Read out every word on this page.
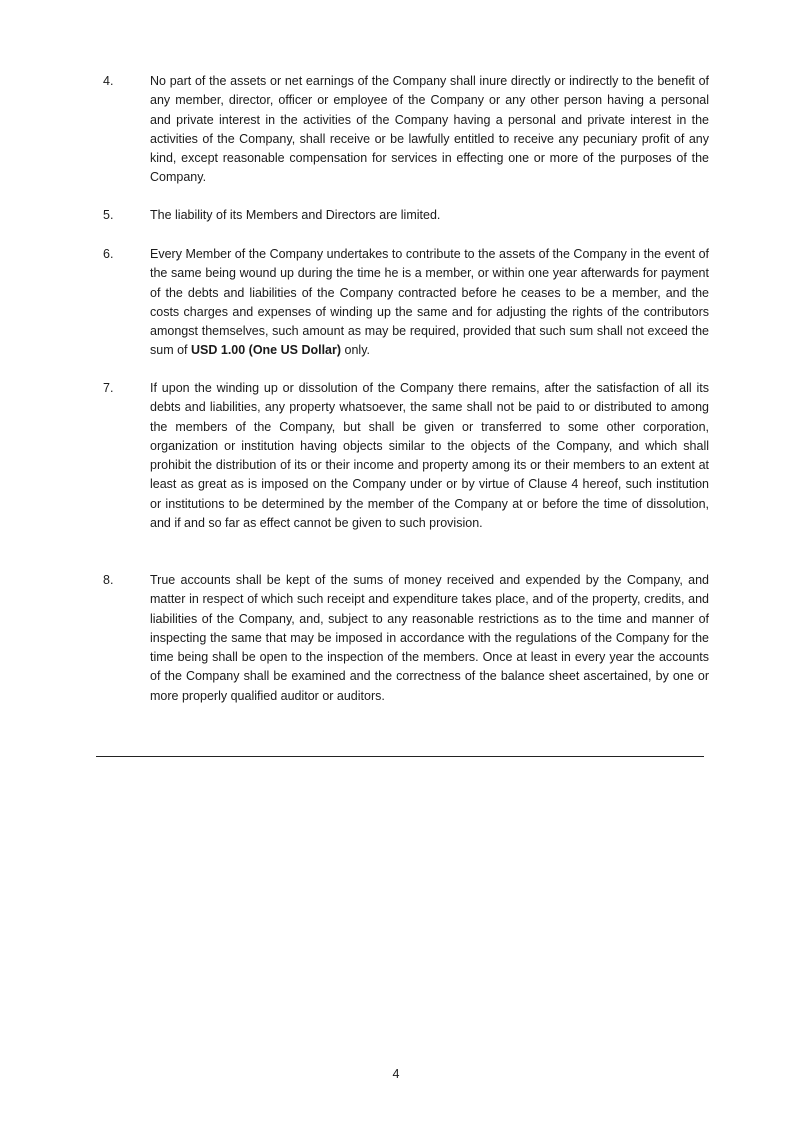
4.	No part of the assets or net earnings of the Company shall inure directly or indirectly to the benefit of any member, director, officer or employee of the Company or any other person having a personal and private interest in the activities of the Company having a personal and private interest in the activities of the Company, shall receive or be lawfully entitled to receive any pecuniary profit of any kind, except reasonable compensation for services in effecting one or more of the purposes of the Company.
5.	The liability of its Members and Directors are limited.
6.	Every Member of the Company undertakes to contribute to the assets of the Company in the event of the same being wound up during the time he is a member, or within one year afterwards for payment of the debts and liabilities of the Company contracted before he ceases to be a member, and the costs charges and expenses of winding up the same and for adjusting the rights of the contributors amongst themselves, such amount as may be required, provided that such sum shall not exceed the sum of USD 1.00 (One US Dollar) only.
7.	If upon the winding up or dissolution of the Company there remains, after the satisfaction of all its debts and liabilities, any property whatsoever, the same shall not be paid to or distributed to among the members of the Company, but shall be given or transferred to some other corporation, organization or institution having objects similar to the objects of the Company, and which shall prohibit the distribution of its or their income and property among its or their members to an extent at least as great as is imposed on the Company under or by virtue of Clause 4 hereof, such institution or institutions to be determined by the member of the Company at or before the time of dissolution, and if and so far as effect cannot be given to such provision.
8.	True accounts shall be kept of the sums of money received and expended by the Company, and matter in respect of which such receipt and expenditure takes place, and of the property, credits, and liabilities of the Company, and, subject to any reasonable restrictions as to the time and manner of inspecting the same that may be imposed in accordance with the regulations of the Company for the time being shall be open to the inspection of the members. Once at least in every year the accounts of the Company shall be examined and the correctness of the balance sheet ascertained, by one or more properly qualified auditor or auditors.
4
